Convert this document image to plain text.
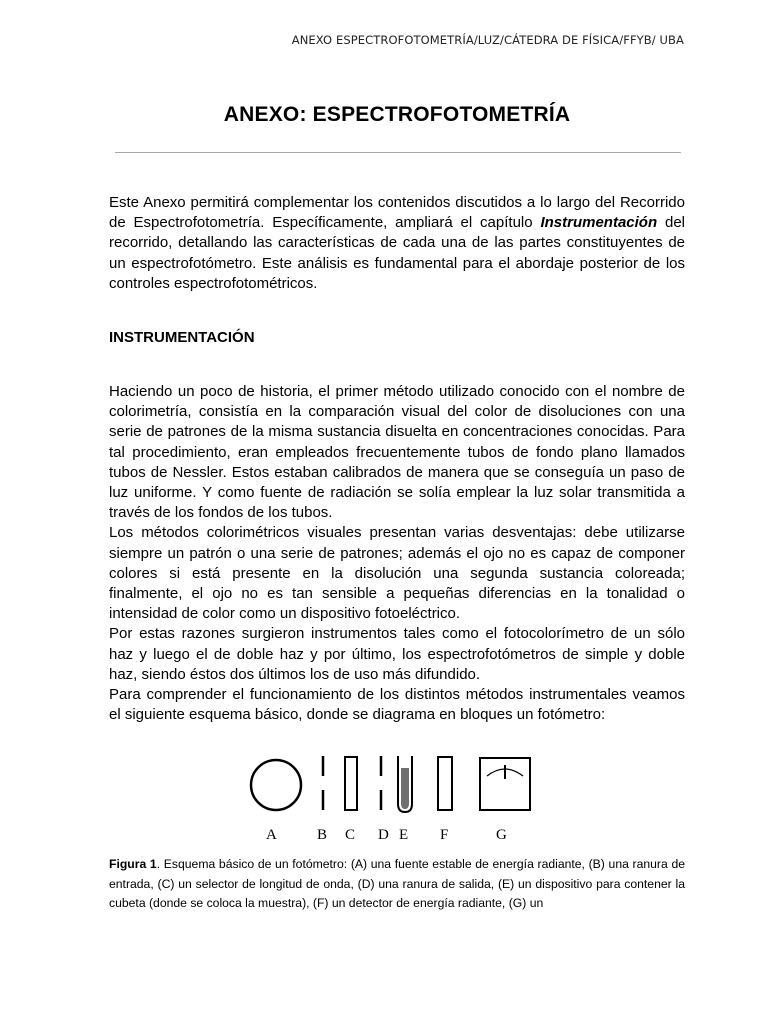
ANEXO ESPECTROFOTOMETRÍA/LUZ/CÁTEDRA DE FÍSICA/FFYB/ UBA
ANEXO: ESPECTROFOTOMETRÍA
Este Anexo permitirá complementar los contenidos discutidos a lo largo del Recorrido de Espectrofotometría. Específicamente, ampliará el capítulo Instrumentación del recorrido, detallando las características de cada una de las partes constituyentes de un espectrofotómetro. Este análisis es fundamental para el abordaje posterior de los controles espectrofotométricos.
INSTRUMENTACIÓN

Haciendo un poco de historia, el primer método utilizado conocido con el nombre de colorimetría, consistía en la comparación visual del color de disoluciones con una serie de patrones de la misma sustancia disuelta en concentraciones conocidas. Para tal procedimiento, eran empleados frecuentemente tubos de fondo plano llamados tubos de Nessler. Estos estaban calibrados de manera que se conseguía un paso de luz uniforme. Y como fuente de radiación se solía emplear la luz solar transmitida a través de los fondos de los tubos.

Los métodos colorimétricos visuales presentan varias desventajas: debe utilizarse siempre un patrón o una serie de patrones; además el ojo no es capaz de componer colores si está presente en la disolución una segunda sustancia coloreada; finalmente, el ojo no es tan sensible a pequeñas diferencias en la tonalidad o intensidad de color como un dispositivo fotoeléctrico.

Por estas razones surgieron instrumentos tales como el fotocolorímetro de un sólo haz y luego el de doble haz y por último, los espectrofotómetros de simple y doble haz, siendo éstos dos últimos los de uso más difundido.

Para comprender el funcionamiento de los distintos métodos instrumentales veamos el siguiente esquema básico, donde se diagrama en bloques un fotómetro:

A	B C D E F	G
Figura 1. Esquema básico de un fotómetro: (A) una fuente estable de energía radiante, (B) una ranura de entrada, (C) un selector de longitud de onda, (D) una ranura de salida, (E) un dispositivo para contener la cubeta (donde se coloca la muestra), (F) un detector de energía radiante, (G) un
